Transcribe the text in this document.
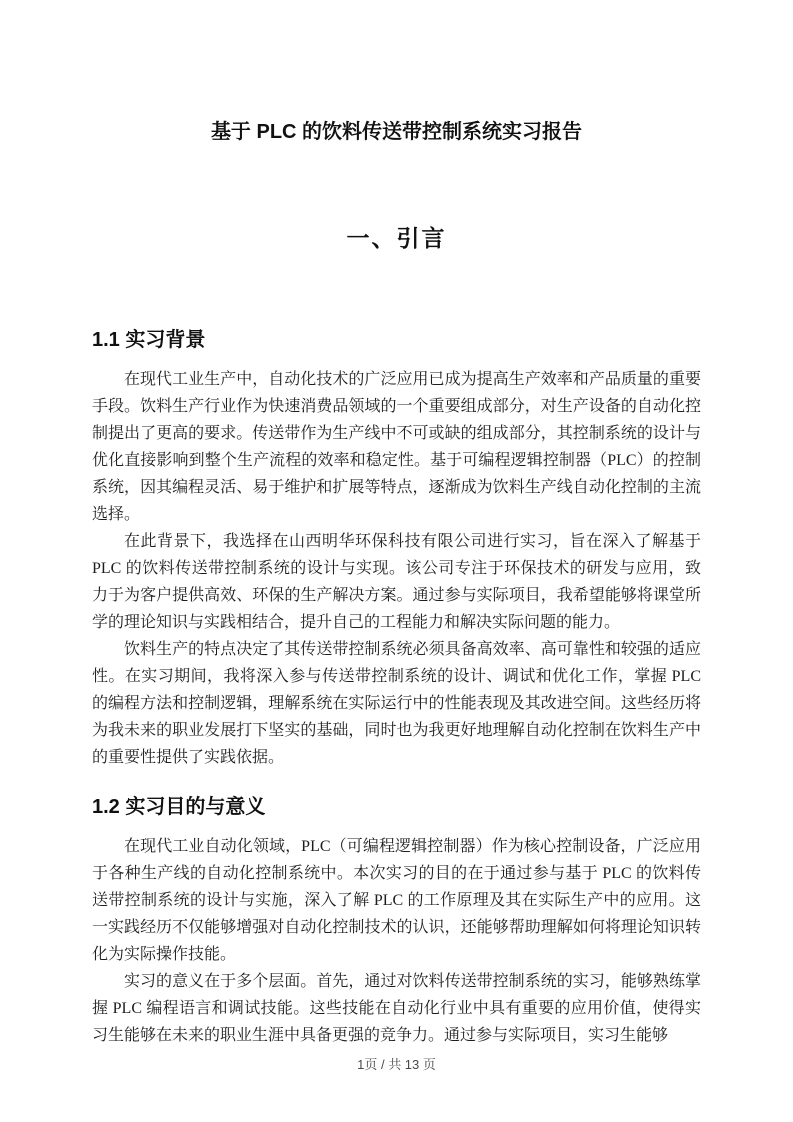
基于 PLC 的饮料传送带控制系统实习报告
一、引言
1.1 实习背景

在现代工业生产中，自动化技术的广泛应用已成为提高生产效率和产品质量的重要手段。饮料生产行业作为快速消费品领域的一个重要组成部分，对生产设备的自动化控制提出了更高的要求。传送带作为生产线中不可或缺的组成部分，其控制系统的设计与优化直接影响到整个生产流程的效率和稳定性。基于可编程逻辑控制器（PLC）的控制系统，因其编程灵活、易于维护和扩展等特点，逐渐成为饮料生产线自动化控制的主流选择。

在此背景下，我选择在山西明华环保科技有限公司进行实习，旨在深入了解基于 PLC 的饮料传送带控制系统的设计与实现。该公司专注于环保技术的研发与应用，致力于为客户提供高效、环保的生产解决方案。通过参与实际项目，我希望能够将课堂所学的理论知识与实践相结合，提升自己的工程能力和解决实际问题的能力。

饮料生产的特点决定了其传送带控制系统必须具备高效率、高可靠性和较强的适应性。在实习期间，我将深入参与传送带控制系统的设计、调试和优化工作，掌握 PLC 的编程方法和控制逻辑，理解系统在实际运行中的性能表现及其改进空间。这些经历将为我未来的职业发展打下坚实的基础，同时也为我更好地理解自动化控制在饮料生产中的重要性提供了实践依据。

1.2 实习目的与意义

在现代工业自动化领域，PLC（可编程逻辑控制器）作为核心控制设备，广泛应用于各种生产线的自动化控制系统中。本次实习的目的在于通过参与基于 PLC 的饮料传送带控制系统的设计与实施，深入了解 PLC 的工作原理及其在实际生产中的应用。这一实践经历不仅能够增强对自动化控制技术的认识，还能够帮助理解如何将理论知识转化为实际操作技能。

实习的意义在于多个层面。首先，通过对饮料传送带控制系统的实习，能够熟练掌握 PLC 编程语言和调试技能。这些技能在自动化行业中具有重要的应用价值，使得实习生能够在未来的职业生涯中具备更强的竞争力。通过参与实际项目，实习生能够

1页 / 共 13 页
